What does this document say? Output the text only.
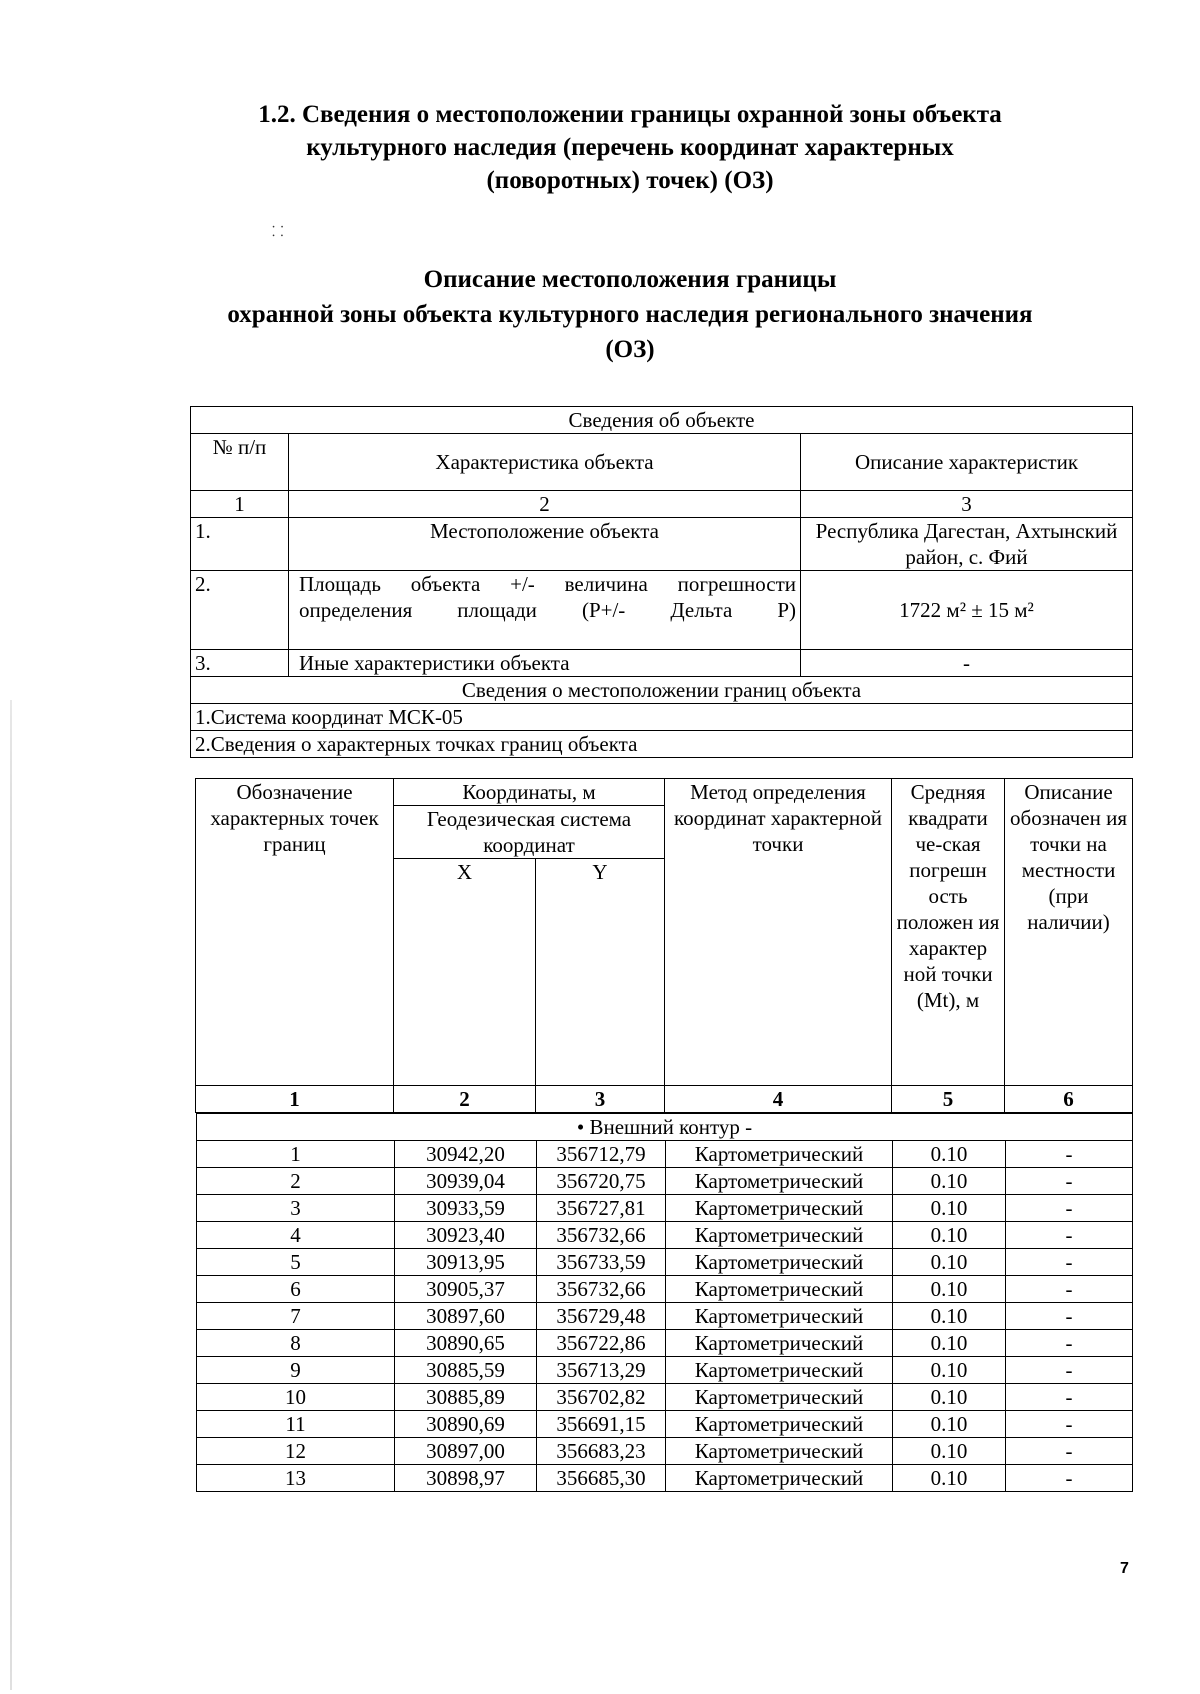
1.2. Сведения о местоположении границы охранной зоны объекта
культурного наследия (перечень координат характерных
(поворотных) точек) (ОЗ)
⸬
Описание местоположения границы
охранной зоны объекта культурного наследия регионального значения
(ОЗ)
Сведения об объекте		
№ п/п	Характеристика объекта	Описание характеристик
1	2	3
1.	Местоположение объекта	Республика Дагестан, Ахтынский район, с. Фий
2.	Площадь объекта +/- величина погрешности определения площади (Р+/- Дельта Р)	1722 м² ± 15 м²
3.	Иные характеристики объекта	-
Сведения о местоположении границ объекта		
1.Система координат МСК-05		
2.Сведения о характерных точках границ объекта		
Обозначение характерных точек границ	Координаты, м		Метод определения координат характерной точки	Средняя квадрати че-ская погрешн ость положен ия характер ной точки (Mt), м	Описание обозначен ия точки на местности (при наличии)
	Геодезическая система координат				
	X	Y			
1	2	3	4	5	6
• Внешний контур -					
1	30942,20	356712,79	Картометрический	0.10	-
2	30939,04	356720,75	Картометрический	0.10	-
3	30933,59	356727,81	Картометрический	0.10	-
4	30923,40	356732,66	Картометрический	0.10	-
5	30913,95	356733,59	Картометрический	0.10	-
6	30905,37	356732,66	Картометрический	0.10	-
7	30897,60	356729,48	Картометрический	0.10	-
8	30890,65	356722,86	Картометрический	0.10	-
9	30885,59	356713,29	Картометрический	0.10	-
10	30885,89	356702,82	Картометрический	0.10	-
11	30890,69	356691,15	Картометрический	0.10	-
12	30897,00	356683,23	Картометрический	0.10	-
13	30898,97	356685,30	Картометрический	0.10	-
7
